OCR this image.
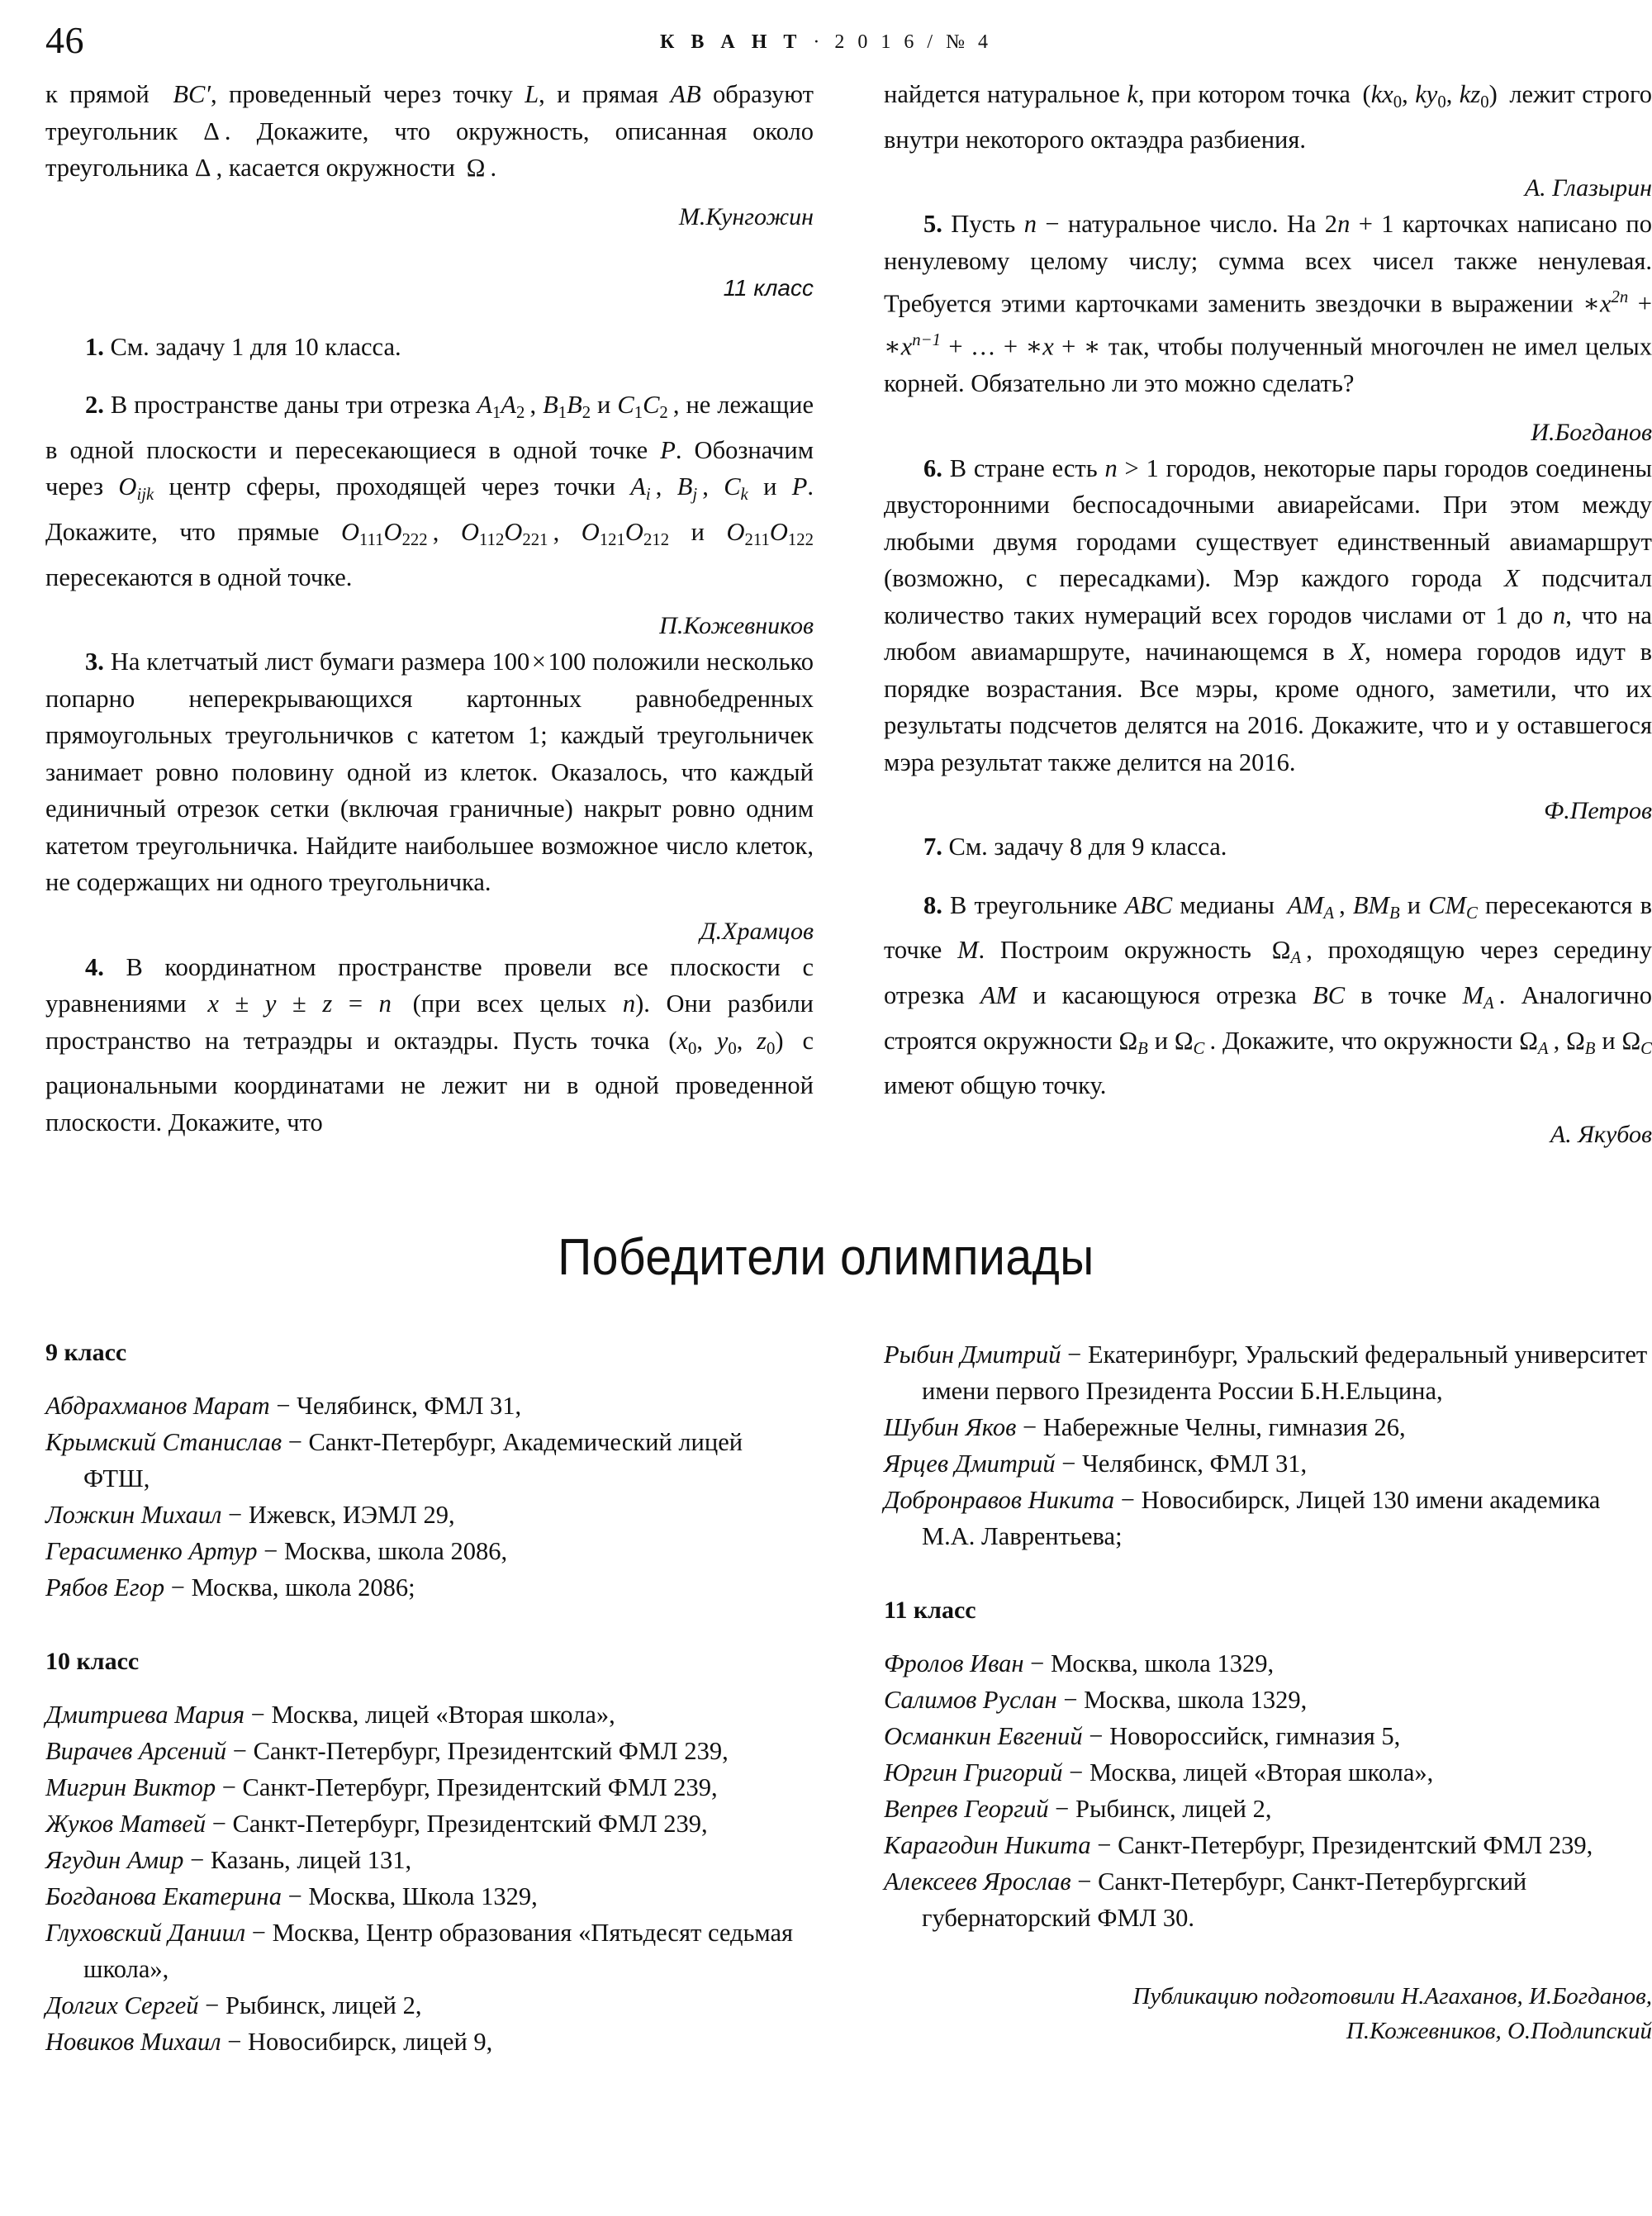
46	К В А Н Т · 2 0 1 6 / № 4

к прямой  BC′, проведенный через точку L, и прямая AB образуют треугольник Δ . Докажите, что окружность, описанная около треугольника Δ , касается окружности  Ω .

М.Кунгожин

11 класс

1. См. задачу 1 для 10 класса.

2. В пространстве даны три отрезка $A_1A_2$ , $B_1B_2$ и $C_1C_2$ , не лежащие в одной плоскости и пересекающиеся в одной точке P. Обозначим через $O_{ijk}$ центр сферы, проходящей через точки $A_i$ , $B_j$ , $C_k$ и P. Докажите, что прямые $O_{111}O_{222}$ , $O_{112}O_{221}$ , $O_{121}O_{212}$ и $O_{211}O_{122}$ пересекаются в одной точке.

П.Кожевников

3. На клетчатый лист бумаги размера 100 × 100 положили несколько попарно неперекрывающихся картонных равнобедренных прямоугольных треугольничков с катетом 1; каждый треугольничек занимает ровно половину одной из клеток. Оказалось, что каждый единичный отрезок сетки (включая граничные) накрыт ровно одним катетом треугольничка. Найдите наибольшее возможное число клеток, не содержащих ни одного треугольничка.

Д.Храмцов

4. В координатном пространстве провели все плоскости с уравнениями  x ± y ± z = n  (при всех целых n). Они разбили пространство на тетраэдры и октаэдры. Пусть точка  ($x_0$, $y_0$, $z_0$)  с рациональными координатами не лежит ни в одной проведенной плоскости. Докажите, что

найдется натуральное k, при котором точка  ($kx_0$, $ky_0$, $kz_0$)  лежит строго внутри некоторого октаэдра разбиения.

А. Глазырин

5. Пусть n − натуральное число. На 2n + 1 карточках написано по ненулевому целому числу; сумма всех чисел также ненулевая. Требуется этими карточками заменить звездочки в выражении $∗x^{2n}$ + $∗x^{n-1}$ + … + ∗x + ∗ так, чтобы полученный многочлен не имел целых корней. Обязательно ли это можно сделать?

И.Богданов

6. В стране есть n > 1 городов, некоторые пары городов соединены двусторонними беспосадочными авиарейсами. При этом между любыми двумя городами существует единственный авиамаршрут (возможно, с пересадками). Мэр каждого города X подсчитал количество таких нумераций всех городов числами от 1 до n, что на любом авиамаршруте, начинающемся в X, номера городов идут в порядке возрастания. Все мэры, кроме одного, заметили, что их результаты подсчетов делятся на 2016. Докажите, что и у оставшегося мэра результат также делится на 2016.

Ф.Петров

7. См. задачу 8 для 9 класса.

8. В треугольнике ABC медианы  $AM_A$ , $BM_B$ и $CM_C$ пересекаются в точке M. Построим окружность  $\Omega_A$ , проходящую через середину отрезка AM и касающуюся отрезка BC в точке $M_A$ . Аналогично строятся окружности $\Omega_B$ и $\Omega_C$ . Докажите, что окружности $\Omega_A$ , $\Omega_B$ и $\Omega_C$ имеют общую точку.

А. Якубов

Победители олимпиады
9 класс
Абдрахманов Марат − Челябинск, ФМЛ 31,
Крымский Станислав − Санкт-Петербург, Академический лицей ФТШ,
Ложкин Михаил − Ижевск, ИЭМЛ 29,
Герасименко Артур − Москва, школа 2086,
Рябов Егор − Москва, школа 2086;
10 класс
Дмитриева Мария − Москва, лицей «Вторая школа»,
Вирачев Арсений − Санкт-Петербург, Президентский ФМЛ 239,
Мигрин Виктор − Санкт-Петербург, Президентский ФМЛ 239,
Жуков Матвей − Санкт-Петербург, Президентский ФМЛ 239,
Ягудин Амир − Казань, лицей 131,
Богданова Екатерина − Москва, Школа 1329,
Глуховский Даниил − Москва, Центр образования «Пятьдесят седьмая школа»,
Долгих Сергей − Рыбинск, лицей 2,
Новиков Михаил − Новосибирск, лицей 9,
Рыбин Дмитрий − Екатеринбург, Уральский федеральный университет имени первого Президента России Б.Н.Ельцина,
Шубин Яков − Набережные Челны, гимназия 26,
Ярцев Дмитрий − Челябинск, ФМЛ 31,
Добронравов Никита − Новосибирск, Лицей 130 имени академика М.А. Лаврентьева;
11 класс
Фролов Иван − Москва, школа 1329,
Салимов Руслан − Москва, школа 1329,
Османкин Евгений − Новороссийск, гимназия 5,
Юргин Григорий − Москва, лицей «Вторая школа»,
Вепрев Георгий − Рыбинск, лицей 2,
Карагодин Никита − Санкт-Петербург, Президентский ФМЛ 239,
Алексеев Ярослав − Санкт-Петербург, Санкт-Петербургский губернаторский ФМЛ 30.
Публикацию подготовили Н.Агаханов, И.Богданов,
П.Кожевников, О.Подлипский
